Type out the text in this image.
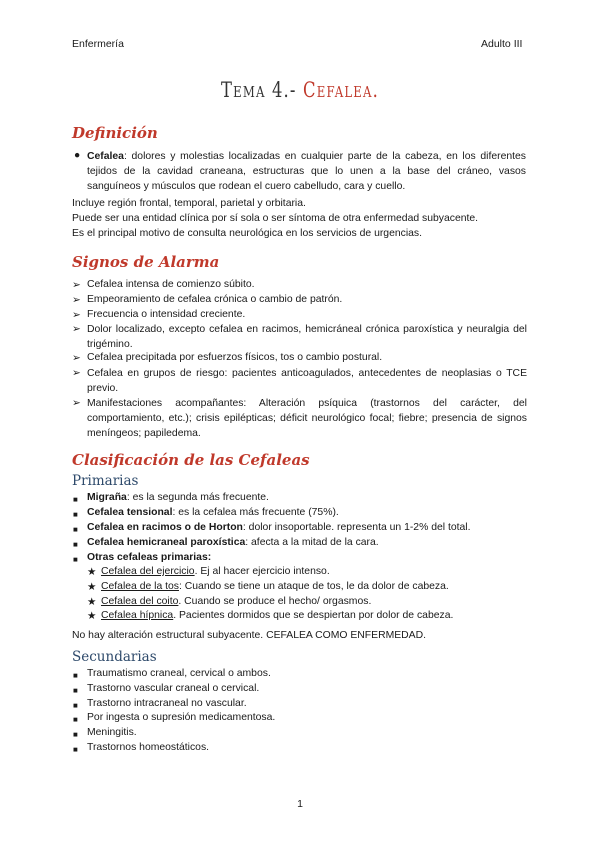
Enfermería	Adulto III
Tema 4.- Cefalea.
Definición
● Cefalea: dolores y molestias localizadas en cualquier parte de la cabeza, en los diferentes tejidos de la cavidad craneana, estructuras que lo unen a la base del cráneo, vasos sanguíneos y músculos que rodean el cuero cabelludo, cara y cuello.
Incluye región frontal, temporal, parietal y orbitaria.
Puede ser una entidad clínica por sí sola o ser síntoma de otra enfermedad subyacente.
Es el principal motivo de consulta neurológica en los servicios de urgencias.
Signos de Alarma
➢ Cefalea intensa de comienzo súbito.
➢ Empeoramiento de cefalea crónica o cambio de patrón.
➢ Frecuencia o intensidad creciente.
➢ Dolor localizado, excepto cefalea en racimos, hemicráneal crónica paroxística y neuralgia del trigémino.
➢ Cefalea precipitada por esfuerzos físicos, tos o cambio postural.
➢ Cefalea en grupos de riesgo: pacientes anticoagulados, antecedentes de neoplasias o TCE previo.
➢ Manifestaciones acompañantes: Alteración psíquica (trastornos del carácter, del comportamiento, etc.); crisis epilépticas; déficit neurológico focal; fiebre; presencia de signos meníngeos; papiledema.
Clasificación de las Cefaleas
Primarias
■ Migraña: es la segunda más frecuente.
■ Cefalea tensional: es la cefalea más frecuente (75%).
■ Cefalea en racimos o de Horton: dolor insoportable. representa un 1-2% del total.
■ Cefalea hemicraneal paroxística: afecta a la mitad de la cara.
■ Otras cefaleas primarias:
★ Cefalea del ejercicio. Ej al hacer ejercicio intenso.
★ Cefalea de la tos: Cuando se tiene un ataque de tos, le da dolor de cabeza.
★ Cefalea del coito. Cuando se produce el hecho/ orgasmos.
★ Cefalea hípnica. Pacientes dormidos que se despiertan por dolor de cabeza.
No hay alteración estructural subyacente. CEFALEA COMO ENFERMEDAD.
Secundarias
■ Traumatismo craneal, cervical o ambos.
■ Trastorno vascular craneal o cervical.
■ Trastorno intracraneal no vascular.
■ Por ingesta o supresión medicamentosa.
■ Meningitis.
■ Trastornos homeostáticos.
1
